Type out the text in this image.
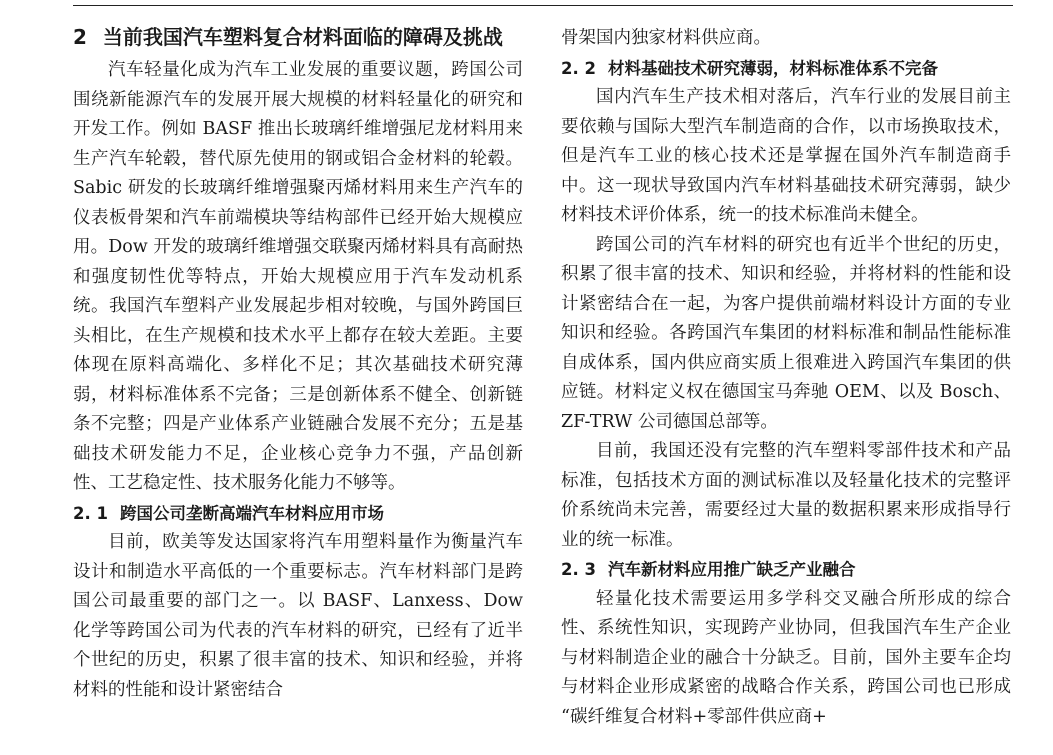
2 当前我国汽车塑料复合材料面临的障碍及挑战

汽车轻量化成为汽车工业发展的重要议题，跨国公司围绕新能源汽车的发展开展大规模的材料轻量化的研究和开发工作。例如 BASF 推出长玻璃纤维增强尼龙材料用来生产汽车轮毂，替代原先使用的钢或铝合金材料的轮毂。Sabic 研发的长玻璃纤维增强聚丙烯材料用来生产汽车的仪表板骨架和汽车前端模块等结构部件已经开始大规模应用。Dow 开发的玻璃纤维增强交联聚丙烯材料具有高耐热和强度韧性优等特点，开始大规模应用于汽车发动机系统。我国汽车塑料产业发展起步相对较晚，与国外跨国巨头相比，在生产规模和技术水平上都存在较大差距。主要体现在原料高端化、多样化不足；其次基础技术研究薄弱，材料标准体系不完备；三是创新体系不健全、创新链条不完整；四是产业体系产业链融合发展不充分；五是基础技术研发能力不足，企业核心竞争力不强，产品创新性、工艺稳定性、技术服务化能力不够等。

2. 1 跨国公司垄断高端汽车材料应用市场

目前，欧美等发达国家将汽车用塑料量作为衡量汽车设计和制造水平高低的一个重要标志。汽车材料部门是跨国公司最重要的部门之一。以 BASF、Lanxess、Dow 化学等跨国公司为代表的汽车材料的研究，已经有了近半个世纪的历史，积累了很丰富的技术、知识和经验，并将材料的性能和设计紧密结合

骨架国内独家材料供应商。

2. 2 材料基础技术研究薄弱，材料标准体系不完备

国内汽车生产技术相对落后，汽车行业的发展目前主要依赖与国际大型汽车制造商的合作，以市场换取技术，但是汽车工业的核心技术还是掌握在国外汽车制造商手中。这一现状导致国内汽车材料基础技术研究薄弱，缺少材料技术评价体系，统一的技术标准尚未健全。

跨国公司的汽车材料的研究也有近半个世纪的历史，积累了很丰富的技术、知识和经验，并将材料的性能和设计紧密结合在一起，为客户提供前端材料设计方面的专业知识和经验。各跨国汽车集团的材料标准和制品性能标准自成体系，国内供应商实质上很难进入跨国汽车集团的供应链。材料定义权在德国宝马奔驰 OEM、以及 Bosch、ZF-TRW 公司德国总部等。

目前，我国还没有完整的汽车塑料零部件技术和产品标准，包括技术方面的测试标准以及轻量化技术的完整评价系统尚未完善，需要经过大量的数据积累来形成指导行业的统一标准。

2. 3 汽车新材料应用推广缺乏产业融合

轻量化技术需要运用多学科交叉融合所形成的综合性、系统性知识，实现跨产业协同，但我国汽车生产企业与材料制造企业的融合十分缺乏。目前，国外主要车企均与材料企业形成紧密的战略合作关系，跨国公司也已形成 “碳纤维复合材料+零部件供应商+
